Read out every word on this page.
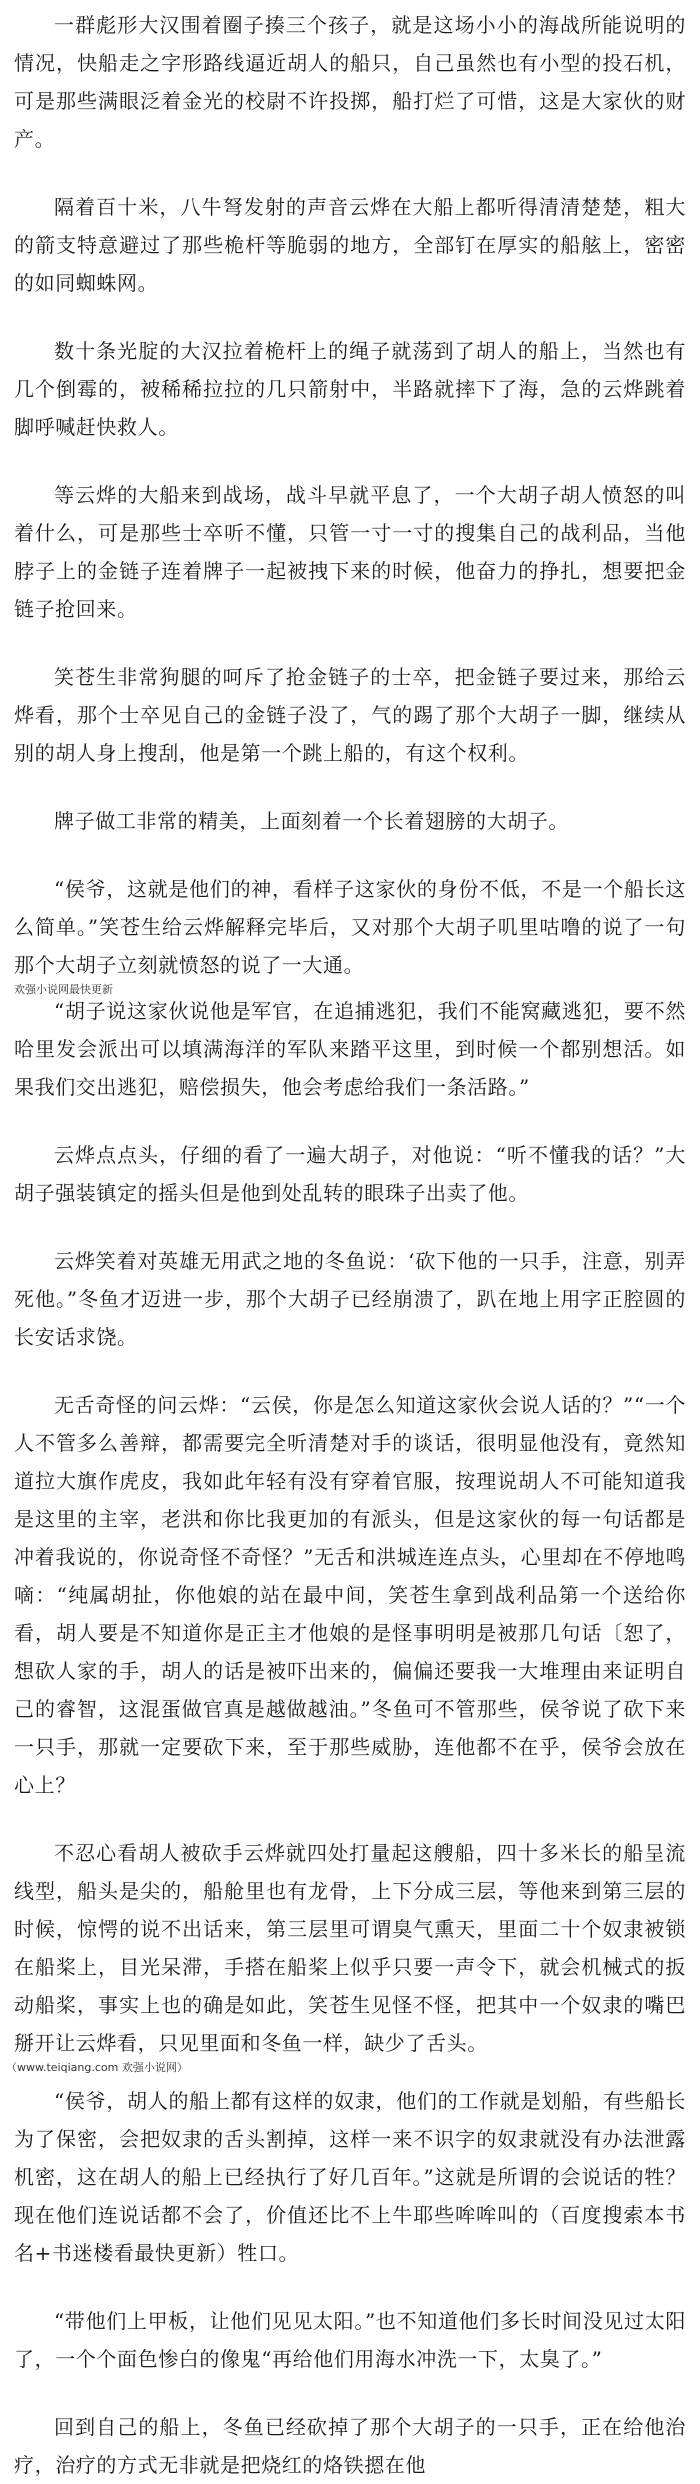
一群彪形大汉围着圈子揍三个孩子，就是这场小小的海战所能说明的情况，快船走之字形路线逼近胡人的船只，自己虽然也有小型的投石机，可是那些满眼泛着金光的校尉不许投掷，船打烂了可惜，这是大家伙的财产。

隔着百十米，八牛弩发射的声音云烨在大船上都听得清清楚楚，粗大的箭支特意避过了那些桅杆等脆弱的地方，全部钉在厚实的船舷上，密密的如同蜘蛛网。

数十条光腚的大汉拉着桅杆上的绳子就荡到了胡人的船上，当然也有几个倒霉的，被稀稀拉拉的几只箭射中，半路就摔下了海，急的云烨跳着脚呼喊赶快救人。

等云烨的大船来到战场，战斗早就平息了，一个大胡子胡人愤怒的叫着什么，可是那些士卒听不懂，只管一寸一寸的搜集自己的战利品，当他脖子上的金链子连着牌子一起被拽下来的时候，他奋力的挣扎，想要把金链子抢回来。

笑苍生非常狗腿的呵斥了抢金链子的士卒，把金链子要过来，那给云烨看，那个士卒见自己的金链子没了，气的踢了那个大胡子一脚，继续从别的胡人身上搜刮，他是第一个跳上船的，有这个权利。

牌子做工非常的精美，上面刻着一个长着翅膀的大胡子。

“侯爷，这就是他们的神，看样子这家伙的身份不低，不是一个船长这么简单。”笑苍生给云烨解释完毕后，又对那个大胡子叽里咕噜的说了一句那个大胡子立刻就愤怒的说了一大通。

欢强小说网最快更新

“胡子说这家伙说他是军官，在追捕逃犯，我们不能窝藏逃犯，要不然哈里发会派出可以填满海洋的军队来踏平这里，到时候一个都别想活。如果我们交出逃犯，赔偿损失，他会考虑给我们一条活路。”

云烨点点头，仔细的看了一遍大胡子，对他说：“听不懂我的话？”大胡子强装镇定的摇头但是他到处乱转的眼珠子出卖了他。

云烨笑着对英雄无用武之地的冬鱼说：‘砍下他的一只手，注意，别弄死他。”冬鱼才迈进一步，那个大胡子已经崩溃了，趴在地上用字正腔圆的长安话求饶。

无舌奇怪的问云烨：“云侯，你是怎么知道这家伙会说人话的？”“一个人不管多么善辩，都需要完全听清楚对手的谈话，很明显他没有，竟然知道拉大旗作虎皮，我如此年轻有没有穿着官服，按理说胡人不可能知道我是这里的主宰，老洪和你比我更加的有派头，但是这家伙的每一句话都是冲着我说的，你说奇怪不奇怪？”无舌和洪城连连点头，心里却在不停地鸣嘀：“纯属胡扯，你他娘的站在最中间，笑苍生拿到战利品第一个送给你看，胡人要是不知道你是正主才他娘的是怪事明明是被那几句话〔恕了，想砍人家的手，胡人的话是被吓出来的，偏偏还要我一大堆理由来证明自己的睿智，这混蛋做官真是越做越油。”冬鱼可不管那些，侯爷说了砍下来一只手，那就一定要砍下来，至于那些威胁，连他都不在乎，侯爷会放在心上？

不忍心看胡人被砍手云烨就四处打量起这艘船，四十多米长的船呈流线型，船头是尖的，船舱里也有龙骨，上下分成三层，等他来到第三层的时候，惊愕的说不出话来，第三层里可谓臭气熏天，里面二十个奴隶被锁在船桨上，目光呆滞，手搭在船桨上似乎只要一声令下，就会机械式的扳动船桨，事实上也的确是如此，笑苍生见怪不怪，把其中一个奴隶的嘴巴掰开让云烨看，只见里面和冬鱼一样，缺少了舌头。

（www.teiqiang.com 欢强小说网）

“侯爷，胡人的船上都有这样的奴隶，他们的工作就是划船，有些船长为了保密，会把奴隶的舌头割掉，这样一来不识字的奴隶就没有办法泄露机密，这在胡人的船上已经执行了好几百年。”这就是所谓的会说话的牲？现在他们连说话都不会了，价值还比不上牛耶些哞哞叫的（百度搜索本书名+书迷楼看最快更新）牲口。

“带他们上甲板，让他们见见太阳。”也不知道他们多长时间没见过太阳了，一个个面色惨白的像鬼“再给他们用海水冲洗一下，太臭了。”

回到自己的船上，冬鱼已经砍掉了那个大胡子的一只手，正在给他治疗，治疗的方式无非就是把烧红的烙铁摁在他
